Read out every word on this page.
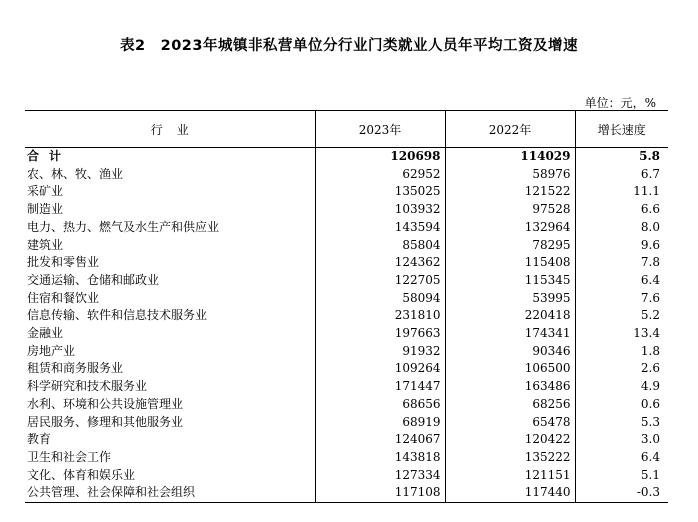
表2　2023年城镇非私营单位分行业门类就业人员年平均工资及增速
单位：元，%
行业	2023年	2022年	增长速度
合计	120698	114029	5.8
农、林、牧、渔业	62952	58976	6.7
采矿业	135025	121522	11.1
制造业	103932	97528	6.6
电力、热力、燃气及水生产和供应业	143594	132964	8.0
建筑业	85804	78295	9.6
批发和零售业	124362	115408	7.8
交通运输、仓储和邮政业	122705	115345	6.4
住宿和餐饮业	58094	53995	7.6
信息传输、软件和信息技术服务业	231810	220418	5.2
金融业	197663	174341	13.4
房地产业	91932	90346	1.8
租赁和商务服务业	109264	106500	2.6
科学研究和技术服务业	171447	163486	4.9
水利、环境和公共设施管理业	68656	68256	0.6
居民服务、修理和其他服务业	68919	65478	5.3
教育	124067	120422	3.0
卫生和社会工作	143818	135222	6.4
文化、体育和娱乐业	127334	121151	5.1
公共管理、社会保障和社会组织	117108	117440	-0.3
